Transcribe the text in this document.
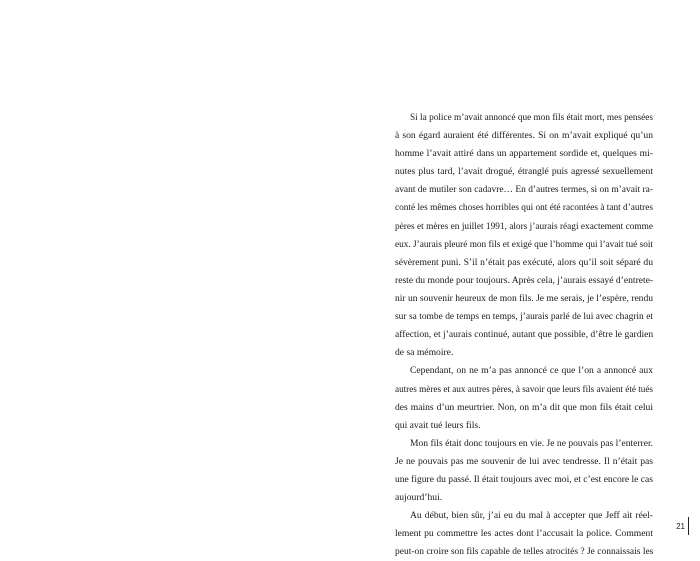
Si la police m’avait annoncé que mon fils était mort, mes pensées
à son égard auraient été différentes. Si on m’avait expliqué qu’un
homme l’avait attiré dans un appartement sordide et, quelques mi-
nutes plus tard, l’avait drogué, étranglé puis agressé sexuellement
avant de mutiler son cadavre… En d’autres termes, si on m’avait ra-
conté les mêmes choses horribles qui ont été racontées à tant d’autres
pères et mères en juillet 1991, alors j’aurais réagi exactement comme
eux. J’aurais pleuré mon fils et exigé que l’homme qui l’avait tué soit
sévèrement puni. S’il n’était pas exécuté, alors qu’il soit séparé du
reste du monde pour toujours. Après cela, j’aurais essayé d’entrete-
nir un souvenir heureux de mon fils. Je me serais, je l’espère, rendu
sur sa tombe de temps en temps, j’aurais parlé de lui avec chagrin et
affection, et j’aurais continué, autant que possible, d’être le gardien
de sa mémoire.
Cependant, on ne m’a pas annoncé ce que l’on a annoncé aux
autres mères et aux autres pères, à savoir que leurs fils avaient été tués
des mains d’un meurtrier. Non, on m’a dit que mon fils était celui
qui avait tué leurs fils.
Mon fils était donc toujours en vie. Je ne pouvais pas l’enterrer.
Je ne pouvais pas me souvenir de lui avec tendresse. Il n’était pas
une figure du passé. Il était toujours avec moi, et c’est encore le cas
aujourd’hui.
Au début, bien sûr, j’ai eu du mal à accepter que Jeff ait réel-
lement pu commettre les actes dont l’accusait la police. Comment
peut-on croire son fils capable de telles atrocités ? Je connaissais les
21
